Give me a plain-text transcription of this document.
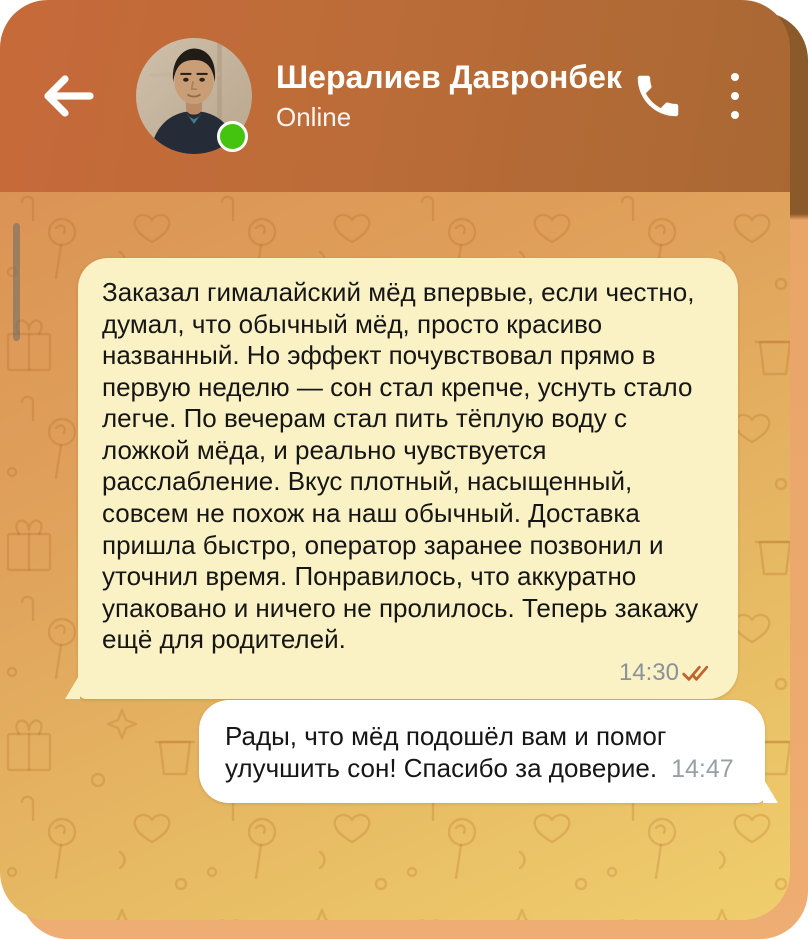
Шералиев Давронбек
Online
Заказал гималайский мёд впервые, если честно, думал, что обычный мёд, просто красиво названный. Но эффект почувствовал прямо в первую неделю — сон стал крепче, уснуть стало легче. По вечерам стал пить тёплую воду с ложкой мёда, и реально чувствуется расслабление. Вкус плотный, насыщенный, совсем не похож на наш обычный. Доставка пришла быстро, оператор заранее позвонил и уточнил время. Понравилось, что аккуратно упаковано и ничего не пролилось. Теперь закажу ещё для родителей.
14:30
Рады, что мёд подошёл вам и помог улучшить сон! Спасибо за доверие. 14:47
